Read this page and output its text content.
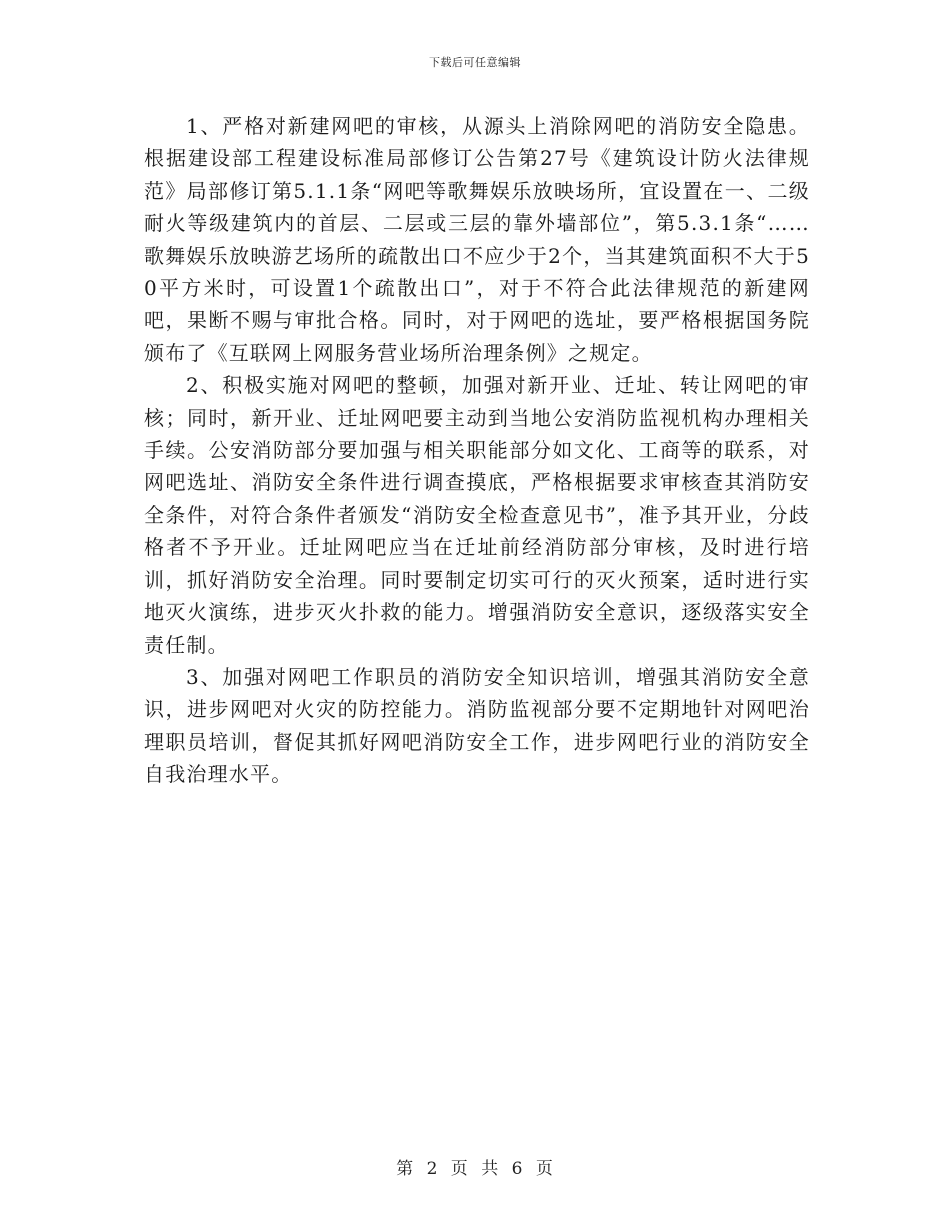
下载后可任意编辑

1、严格对新建网吧的审核，从源头上消除网吧的消防安全隐患。根据建设部工程建设标准局部修订公告第27号《建筑设计防火法律规范》局部修订第5.1.1条“网吧等歌舞娱乐放映场所，宜设置在一、二级耐火等级建筑内的首层、二层或三层的靠外墙部位”，第5.3.1条“……歌舞娱乐放映游艺场所的疏散出口不应少于2个，当其建筑面积不大于50平方米时，可设置1个疏散出口”，对于不符合此法律规范的新建网吧，果断不赐与审批合格。同时，对于网吧的选址，要严格根据国务院颁布了《互联网上网服务营业场所治理条例》之规定。

2、积极实施对网吧的整顿，加强对新开业、迁址、转让网吧的审核；同时，新开业、迁址网吧要主动到当地公安消防监视机构办理相关手续。公安消防部分要加强与相关职能部分如文化、工商等的联系，对网吧选址、消防安全条件进行调查摸底，严格根据要求审核查其消防安全条件，对符合条件者颁发“消防安全检查意见书”，准予其开业，分歧格者不予开业。迁址网吧应当在迁址前经消防部分审核，及时进行培训，抓好消防安全治理。同时要制定切实可行的灭火预案，适时进行实地灭火演练，进步灭火扑救的能力。增强消防安全意识，逐级落实安全责任制。

3、加强对网吧工作职员的消防安全知识培训，增强其消防安全意识，进步网吧对火灾的防控能力。消防监视部分要不定期地针对网吧治理职员培训，督促其抓好网吧消防安全工作，进步网吧行业的消防安全自我治理水平。

第 2 页 共 6 页
